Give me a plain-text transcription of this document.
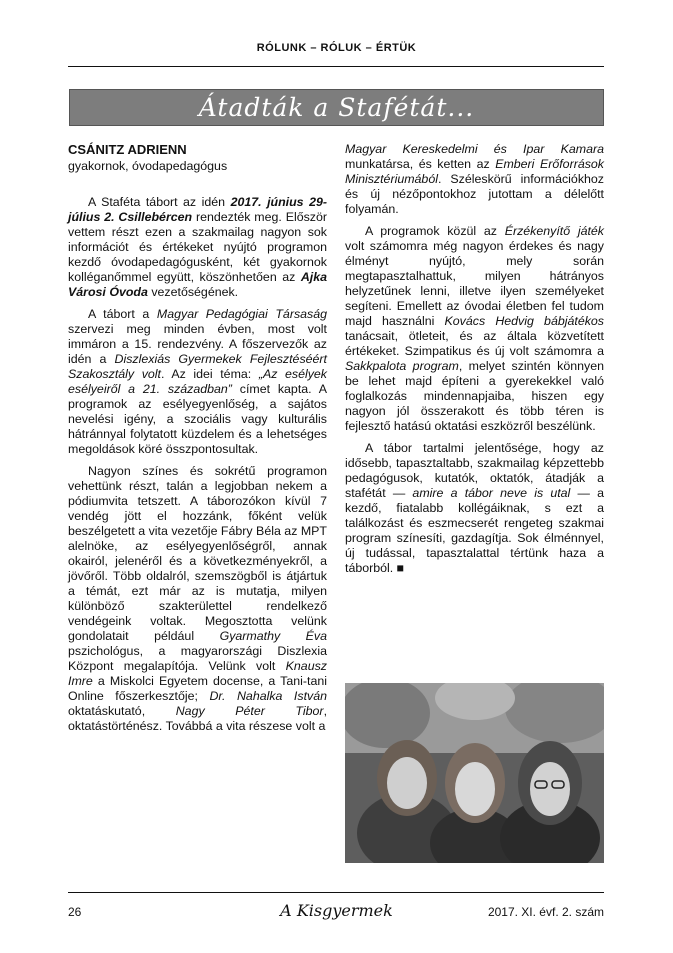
RÓLUNK – RÓLUK – ÉRTÜK
Átadták a Stafétát...

CSÁNITZ ADRIENN

gyakornok, óvodapedagógus

A Staféta tábort az idén 2017. június 29- július 2. Csillebércen rendezték meg. Először vettem részt ezen a szakmailag nagyon sok információt és értékeket nyújtó programon kezdő óvodapedagógusként, két gyakornok kolléganőmmel együtt, köszönhetően az Ajka Városi Óvoda vezetőségének.

A tábort a Magyar Pedagógiai Társaság szervezi meg minden évben, most volt immáron a 15. rendezvény. A főszervezők az idén a Diszlexiás Gyermekek Fejlesztéséért Szakosztály volt. Az idei téma: „Az esélyek esélyeiről a 21. században” címet kapta. A programok az esélyegyenlőség, a sajátos nevelési igény, a szociális vagy kulturális hátránnyal folytatott küzdelem és a lehetséges megoldások köré összpontosultak.

Nagyon színes és sokrétű programon vehettünk részt, talán a legjobban nekem a pódiumvita tetszett. A táborozókon kívül 7 vendég jött el hozzánk, főként velük beszélgetett a vita vezetője Fábry Béla az MPT alelnöke, az esélyegyenlőségről, annak okairól, jelenéről és a következményekről, a jövőről. Több oldalról, szemszögből is átjártuk a témát, ezt már az is mutatja, milyen különböző szakterülettel rendelkező vendégeink voltak. Megosztotta velünk gondolatait például Gyarmathy Éva pszichológus, a magyarországi Diszlexia Központ megalapítója. Velünk volt Knausz Imre a Miskolci Egyetem docense, a Tani-tani Online főszerkesztője; Dr. Nahalka István oktatáskutató, Nagy Péter Tibor, oktatástörténész. Továbbá a vita részese volt a

Magyar Kereskedelmi és Ipar Kamara munkatársa, és ketten az Emberi Erőforrások Minisztériumából. Széleskörű információkhoz és új nézőpontokhoz jutottam a délelőtt folyamán.

A programok közül az Érzékenyítő játék volt számomra még nagyon érdekes és nagy élményt nyújtó, mely során megtapasztalhattuk, milyen hátrányos helyzetűnek lenni, illetve ilyen személyeket segíteni. Emellett az óvodai életben fel tudom majd használni Kovács Hedvig bábjátékos tanácsait, ötleteit, és az általa közvetített értékeket. Szimpatikus és új volt számomra a Sakkpalota program, melyet szintén könnyen be lehet majd építeni a gyerekekkel való foglalkozás mindennapjaiba, hiszen egy nagyon jól összerakott és több téren is fejlesztő hatású oktatási eszközről beszélünk.

A tábor tartalmi jelentősége, hogy az idősebb, tapasztaltabb, szakmailag képzettebb pedagógusok, kutatók, oktatók, átadják a stafétát — amire a tábor neve is utal — a kezdő, fiatalabb kollégáiknak, s ezt a találkozást és eszmecserét rengeteg szakmai program színesíti, gazdagítja. Sok élménnyel, új tudással, tapasztalattal tértünk haza a táborból. ■

26	A Kisgyermek	2017. XI. évf. 2. szám
